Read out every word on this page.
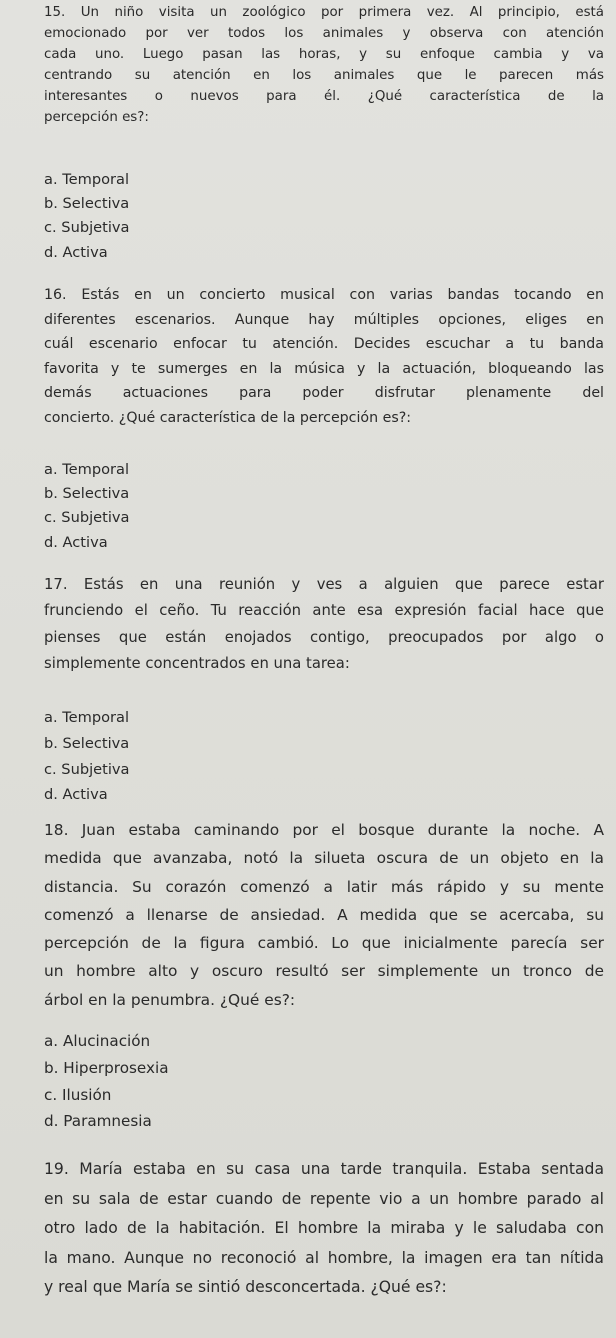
15. Un niño visita un zoológico por primera vez. Al principio, está
emocionado por ver todos los animales y observa con atención
cada uno. Luego pasan las horas, y su enfoque cambia y va
centrando su atención en los animales que le parecen más
interesantes o nuevos para él. ¿Qué característica de la
percepción es?:
a. Temporal
b. Selectiva
c. Subjetiva
d. Activa
16. Estás en un concierto musical con varias bandas tocando en
diferentes escenarios. Aunque hay múltiples opciones, eliges en
cuál escenario enfocar tu atención. Decides escuchar a tu banda
favorita y te sumerges en la música y la actuación, bloqueando las
demás actuaciones para poder disfrutar plenamente del
concierto. ¿Qué característica de la percepción es?:
a. Temporal
b. Selectiva
c. Subjetiva
d. Activa
17. Estás en una reunión y ves a alguien que parece estar
frunciendo el ceño. Tu reacción ante esa expresión facial hace que
pienses que están enojados contigo, preocupados por algo o
simplemente concentrados en una tarea:
a. Temporal
b. Selectiva
c. Subjetiva
d. Activa
18. Juan estaba caminando por el bosque durante la noche. A
medida que avanzaba, notó la silueta oscura de un objeto en la
distancia. Su corazón comenzó a latir más rápido y su mente
comenzó a llenarse de ansiedad. A medida que se acercaba, su
percepción de la figura cambió. Lo que inicialmente parecía ser
un hombre alto y oscuro resultó ser simplemente un tronco de
árbol en la penumbra. ¿Qué es?:
a. Alucinación
b. Hiperprosexia
c. Ilusión
d. Paramnesia
19. María estaba en su casa una tarde tranquila. Estaba sentada
en su sala de estar cuando de repente vio a un hombre parado al
otro lado de la habitación. El hombre la miraba y le saludaba con
la mano. Aunque no reconoció al hombre, la imagen era tan nítida
y real que María se sintió desconcertada. ¿Qué es?:
